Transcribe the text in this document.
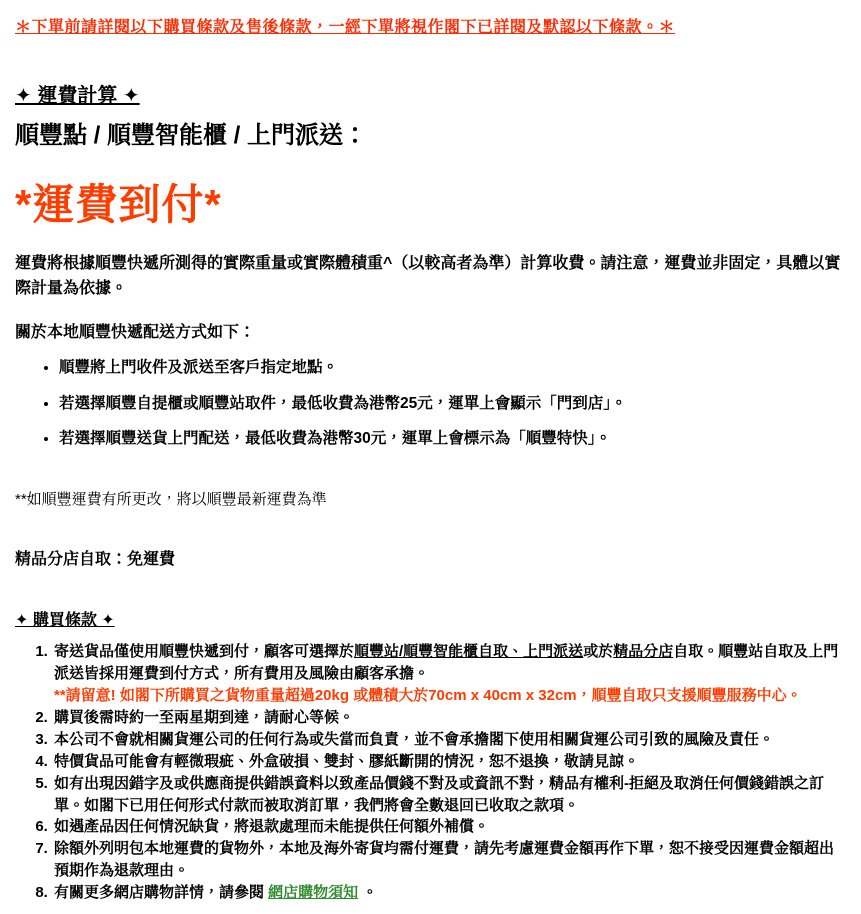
＊下單前請詳閱以下購買條款及售後條款，一經下單將視作閣下已詳閱及默認以下條款。＊

✦ 運費計算 ✦

順豐點 / 順豐智能櫃 / 上門派送：

*運費到付*

運費將根據順豐快遞所測得的實際重量或實際體積重^（以較高者為準）計算收費。請注意，運費並非固定，具體以實際計量為依據。

關於本地順豐快遞配送方式如下：

• 順豐將上門收件及派送至客戶指定地點。
• 若選擇順豐自提櫃或順豐站取件，最低收費為港幣25元，運單上會顯示「門到店」。
• 若選擇順豐送貨上門配送，最低收費為港幣30元，運單上會標示為「順豐特快」。

**如順豐運費有所更改，將以順豐最新運費為準

精品分店自取：免運費

✦ 購買條款 ✦
1. 寄送貨品僅使用順豐快遞到付，顧客可選擇於順豐站/順豐智能櫃自取、上門派送或於精品分店自取。順豐站自取及上門派送皆採用運費到付方式，所有費用及風險由顧客承擔。
**請留意! 如閣下所購買之貨物重量超過20kg 或體積大於70cm x 40cm x 32cm，順豐自取只支援順豐服務中心。
2. 購買後需時約一至兩星期到達，請耐心等候。
3. 本公司不會就相關貨運公司的任何行為或失當而負責，並不會承擔閣下使用相關貨運公司引致的風險及責任。
4. 特價貨品可能會有輕微瑕疵、外盒破損、雙封、膠紙斷開的情況，恕不退換，敬請見諒。
5. 如有出現因錯字及或供應商提供錯誤資料以致產品價錢不對及或資訊不對，精品有權利-拒絕及取消任何價錢錯誤之訂單。如閣下已用任何形式付款而被取消訂單，我們將會全數退回已收取之款項。
6. 如遇產品因任何情況缺貨，將退款處理而未能提供任何額外補償。
7. 除額外列明包本地運費的貨物外，本地及海外寄貨均需付運費，請先考慮運費金額再作下單，恕不接受因運費金額超出預期作為退款理由。
8. 有關更多網店購物詳情，請參閱 網店購物須知 。
